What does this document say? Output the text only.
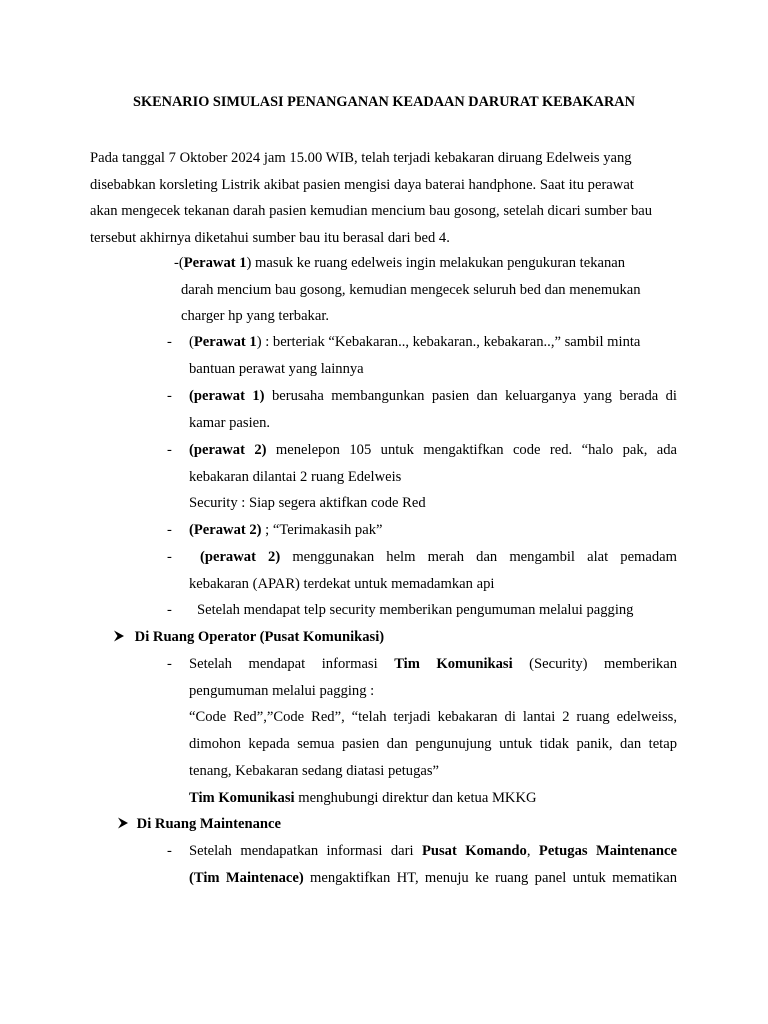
SKENARIO SIMULASI PENANGANAN KEADAAN DARURAT KEBAKARAN
Pada tanggal 7 Oktober 2024 jam 15.00 WIB, telah terjadi kebakaran diruang Edelweis yang
disebabkan korsleting Listrik akibat pasien mengisi daya baterai handphone. Saat itu perawat
akan mengecek tekanan darah pasien kemudian mencium bau gosong, setelah dicari sumber bau
tersebut akhirnya diketahui sumber bau itu berasal dari bed 4.
-(Perawat 1) masuk ke ruang edelweis ingin melakukan pengukuran tekanan
darah mencium bau gosong, kemudian mengecek seluruh bed dan menemukan
charger hp yang terbakar.
- (Perawat 1) : berteriak “Kebakaran.., kebakaran., kebakaran..,” sambil minta
bantuan perawat yang lainnya
- (perawat 1) berusaha membangunkan pasien dan keluarganya yang berada di
kamar pasien.
- (perawat 2) menelepon 105 untuk mengaktifkan code red. “halo pak, ada
kebakaran dilantai 2 ruang Edelweis
Security : Siap segera aktifkan code Red
- (Perawat 2) ; “Terimakasih pak”
-	(perawat 2) menggunakan helm merah dan mengambil alat pemadam
kebakaran (APAR) terdekat untuk memadamkan api
- Setelah mendapat telp security memberikan pengumuman melalui pagging
Di Ruang Operator (Pusat Komunikasi)
- Setelah mendapat informasi Tim Komunikasi (Security) memberikan
pengumuman melalui pagging :
“Code Red”,”Code Red”, “telah terjadi kebakaran di lantai 2 ruang edelweiss,
dimohon kepada semua pasien dan pengunujung untuk tidak panik, dan tetap
tenang, Kebakaran sedang diatasi petugas”
Tim Komunikasi menghubungi direktur dan ketua MKKG
Di Ruang Maintenance
- Setelah mendapatkan informasi dari Pusat Komando, Petugas Maintenance
(Tim Maintenace) mengaktifkan HT, menuju ke ruang panel untuk mematikan
